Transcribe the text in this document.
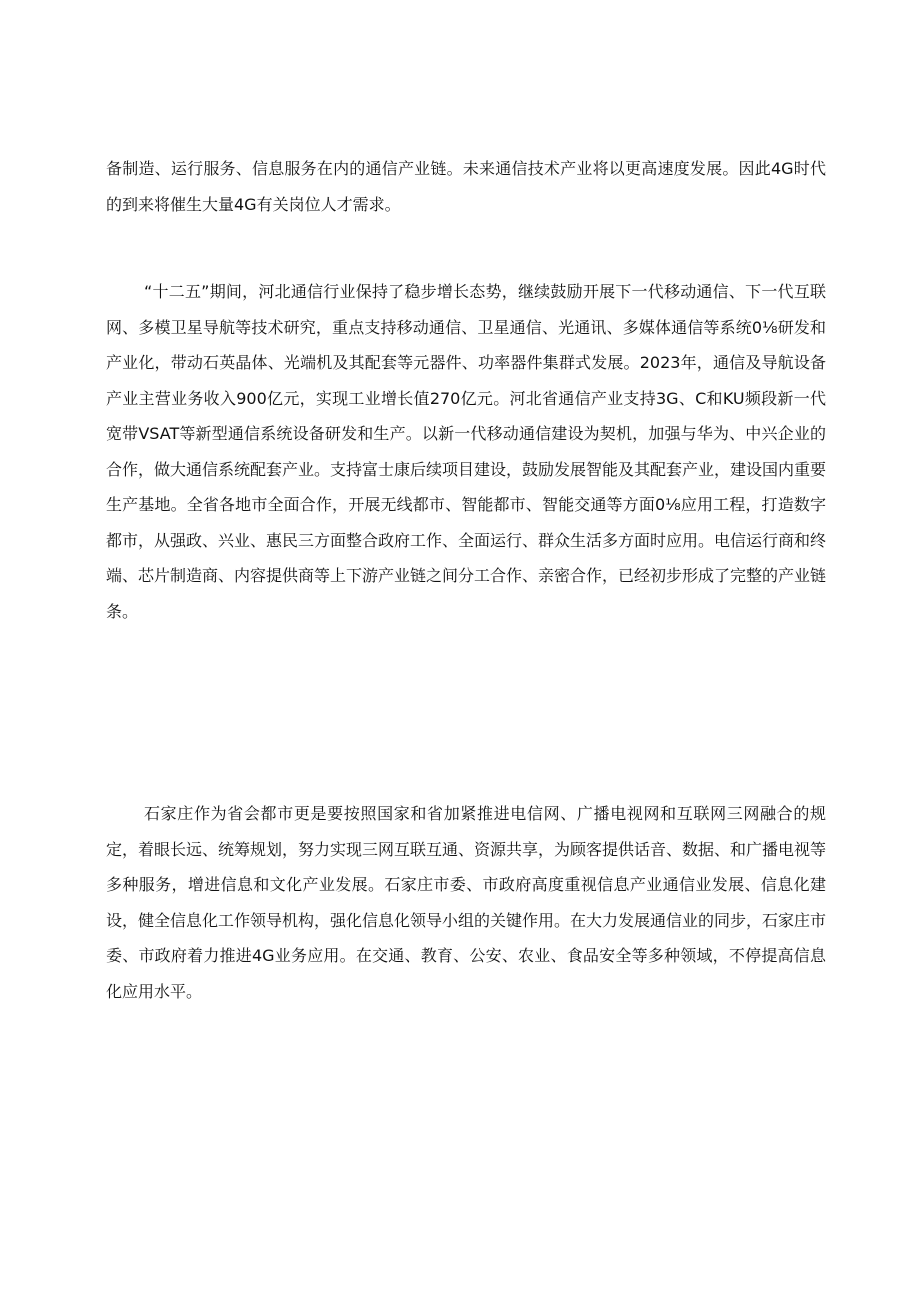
备制造、运行服务、信息服务在内的通信产业链。未来通信技术产业将以更高速度发展。因此4G时代的到来将催生大量4G有关岗位人才需求。

“十二五”期间，河北通信行业保持了稳步增长态势，继续鼓励开展下一代移动通信、下一代互联网、多模卫星导航等技术研究，重点支持移动通信、卫星通信、光通讯、多媒体通信等系统0⅛研发和产业化，带动石英晶体、光端机及其配套等元器件、功率器件集群式发展。2023年，通信及导航设备产业主营业务收入900亿元，实现工业增长值270亿元。河北省通信产业支持3G、C和KU频段新一代宽带VSAT等新型通信系统设备研发和生产。以新一代移动通信建设为契机，加强与华为、中兴企业的合作，做大通信系统配套产业。支持富士康后续项目建设，鼓励发展智能及其配套产业，建设国内重要生产基地。全省各地市全面合作，开展无线都市、智能都市、智能交通等方面0⅛应用工程，打造数字都市，从强政、兴业、惠民三方面整合政府工作、全面运行、群众生活多方面时应用。电信运行商和终端、芯片制造商、内容提供商等上下游产业链之间分工合作、亲密合作，已经初步形成了完整的产业链条。

石家庄作为省会都市更是要按照国家和省加紧推进电信网、广播电视网和互联网三网融合的规定，着眼长远、统筹规划，努力实现三网互联互通、资源共享，为顾客提供话音、数据、和广播电视等多种服务，增进信息和文化产业发展。石家庄市委、市政府高度重视信息产业通信业发展、信息化建设，健全信息化工作领导机构，强化信息化领导小组的关键作用。在大力发展通信业的同步，石家庄市委、市政府着力推进4G业务应用。在交通、教育、公安、农业、食品安全等多种领域，不停提高信息化应用水平。
